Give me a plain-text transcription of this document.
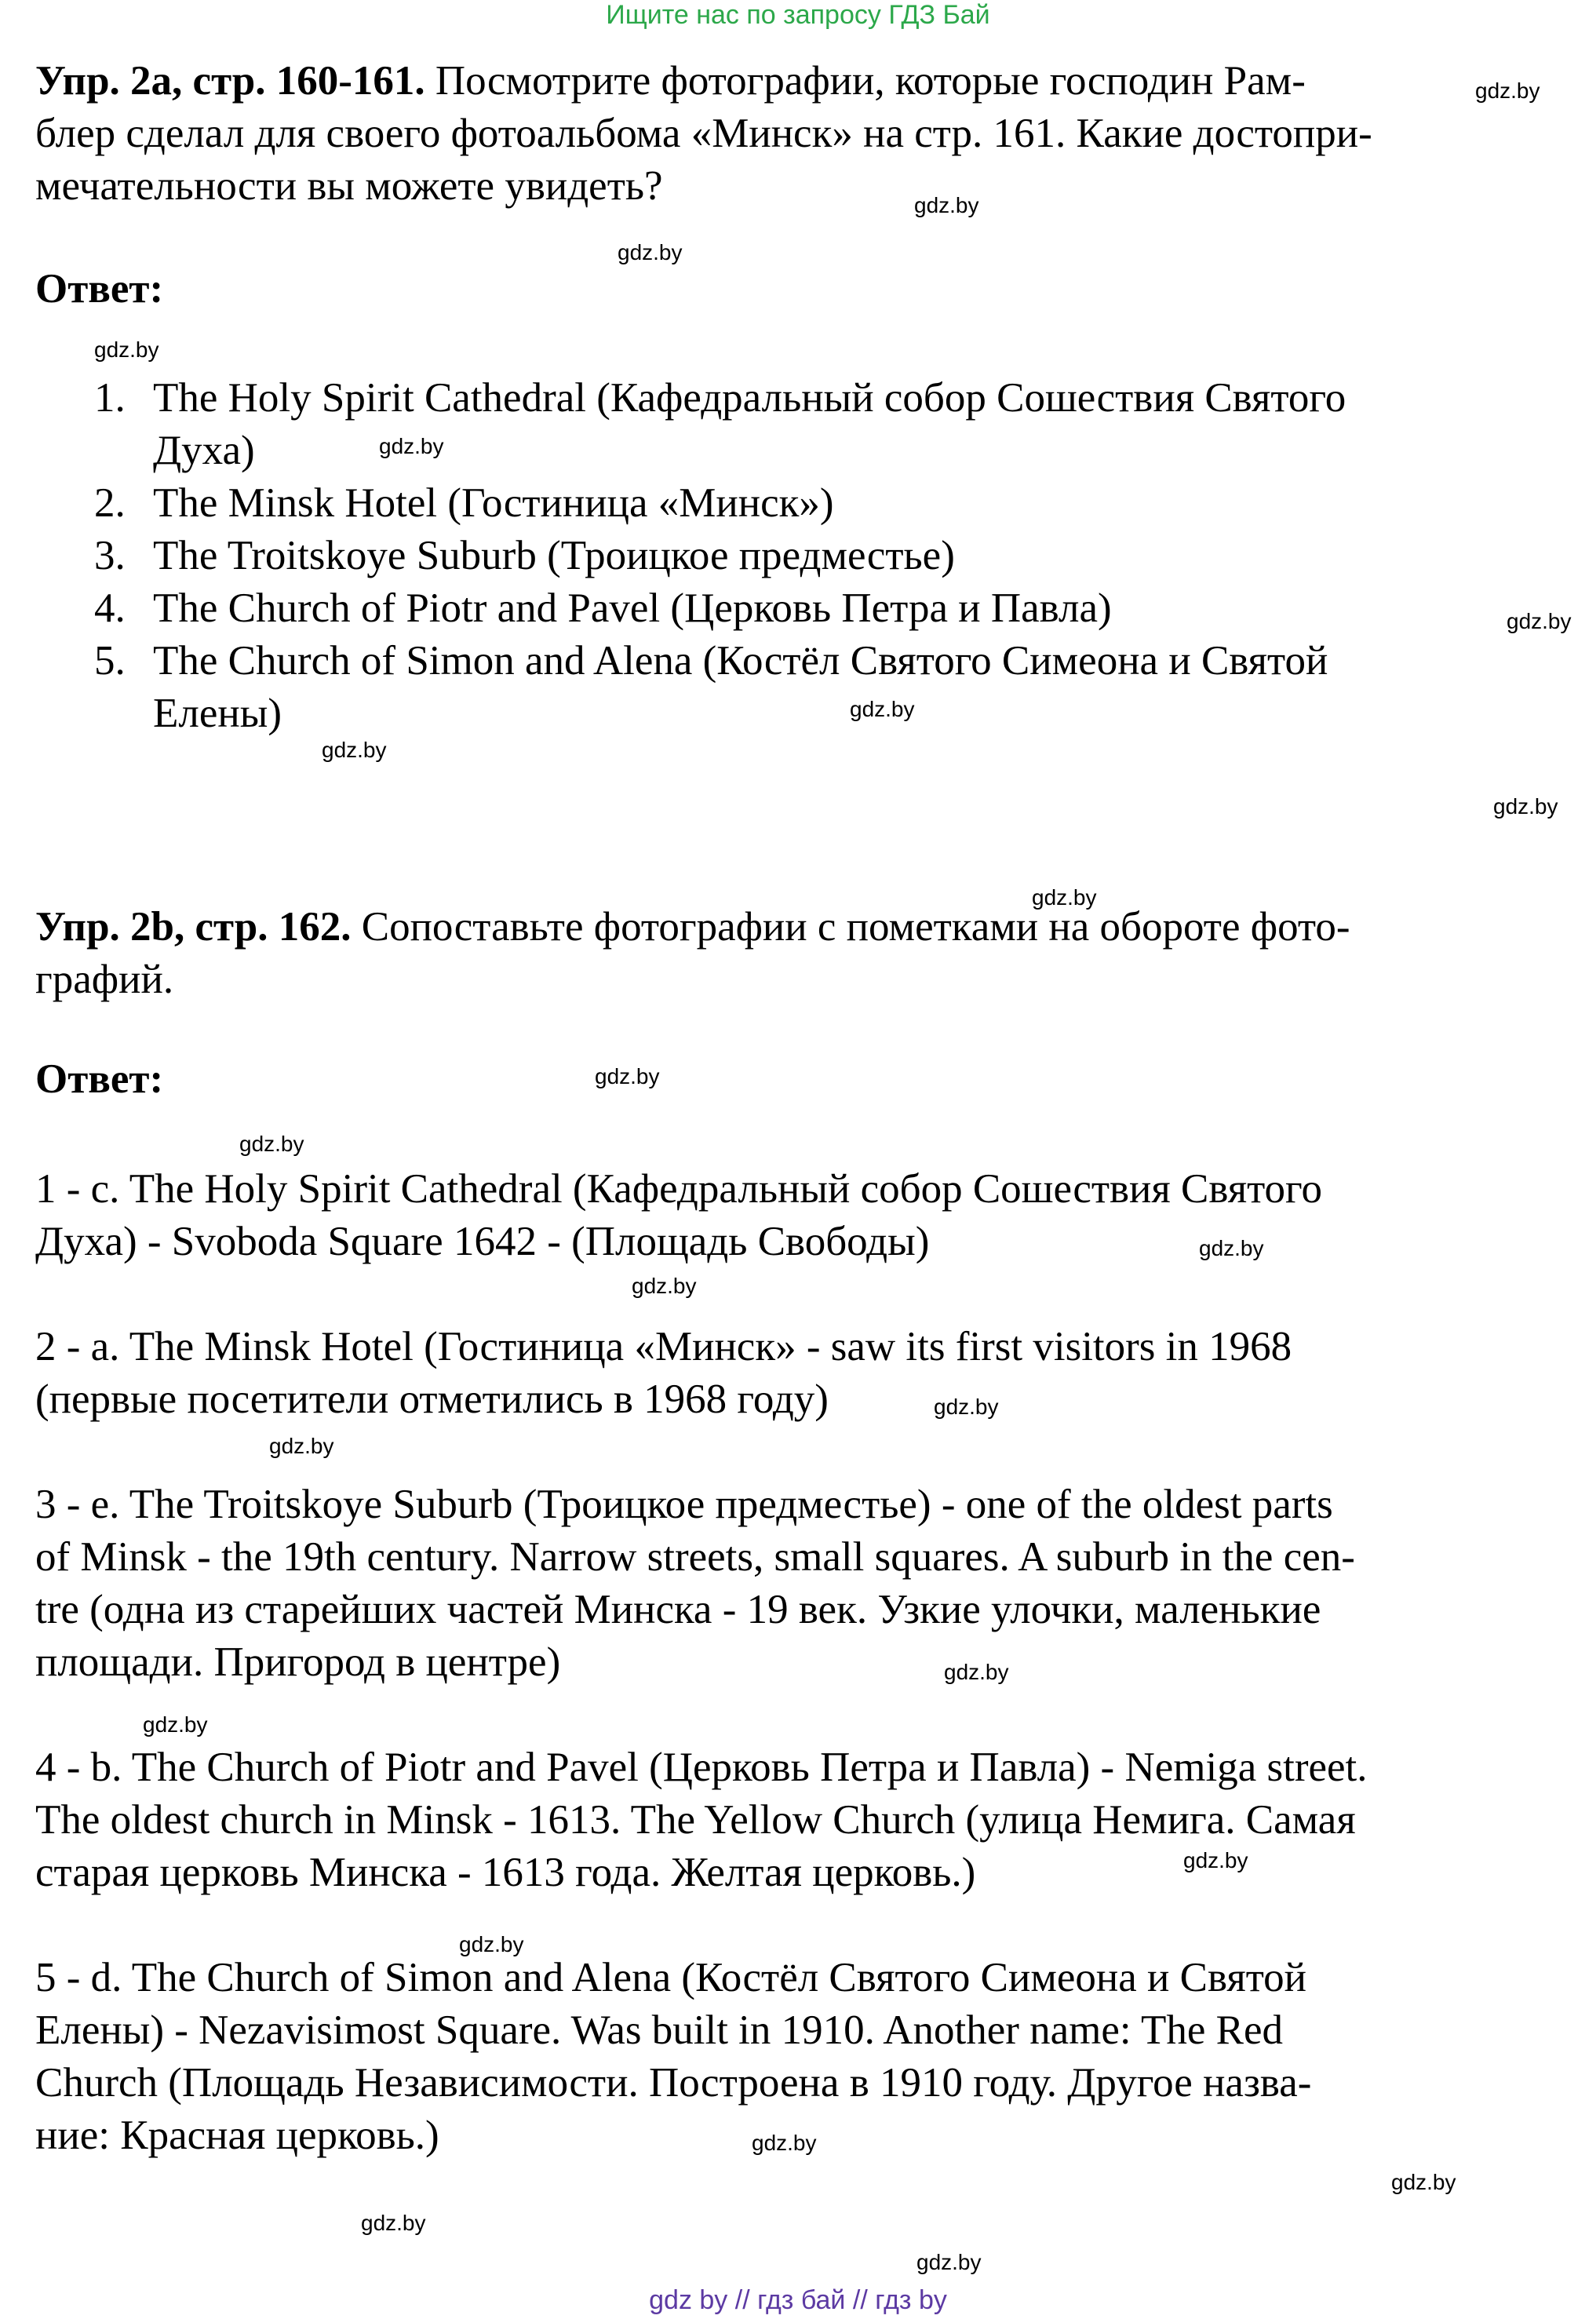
Ищите нас по запросу ГДЗ Бай
Упр. 2a, стр. 160-161. Посмотрите фотографии, которые господин Рам-
блер сделал для своего фотоальбома «Минск» на стр. 161. Какие достопри-
мечательности вы можете увидеть?
Ответ:
1. The Holy Spirit Cathedral (Кафедральный собор Сошествия Святого
Духа)
2. The Minsk Hotel (Гостиница «Минск»)
3. The Troitskoye Suburb (Троицкое предместье)
4. The Church of Piotr and Pavel (Церковь Петра и Павла)
5. The Church of Simon and Alena (Костёл Святого Симеона и Святой
Елены)
Упр. 2b, стр. 162. Сопоставьте фотографии с пометками на обороте фото-
графий.
Ответ:
1 - c. The Holy Spirit Cathedral (Кафедральный собор Сошествия Святого
Духа) - Svoboda Square 1642 - (Площадь Свободы)
2 - a. The Minsk Hotel (Гостиница «Минск» - saw its first visitors in 1968
(первые посетители отметились в 1968 году)
3 - e. The Troitskoye Suburb (Троицкое предместье) - one of the oldest parts
of Minsk - the 19th century. Narrow streets, small squares. A suburb in the cen-
tre (одна из старейших частей Минска - 19 век. Узкие улочки, маленькие
площади. Пригород в центре)
4 - b. The Church of Piotr and Pavel (Церковь Петра и Павла) - Nemiga street.
The oldest church in Minsk - 1613. The Yellow Church (улица Немига. Самая
старая церковь Минска - 1613 года. Желтая церковь.)
5 - d. The Church of Simon and Alena (Костёл Святого Симеона и Святой
Елены) - Nezavisimost Square. Was built in 1910. Another name: The Red
Church (Площадь Независимости. Построена в 1910 году. Другое назва-
ние: Красная церковь.)
gdz.by
gdz.by
gdz.by
gdz.by
gdz.by
gdz.by
gdz.by
gdz.by
gdz.by
gdz.by
gdz.by
gdz.by
gdz.by
gdz.by
gdz.by
gdz.by
gdz.by
gdz.by
gdz.by
gdz.by
gdz.by
gdz.by
gdz.by
gdz.by
gdz by // гдз бай // гдз by
